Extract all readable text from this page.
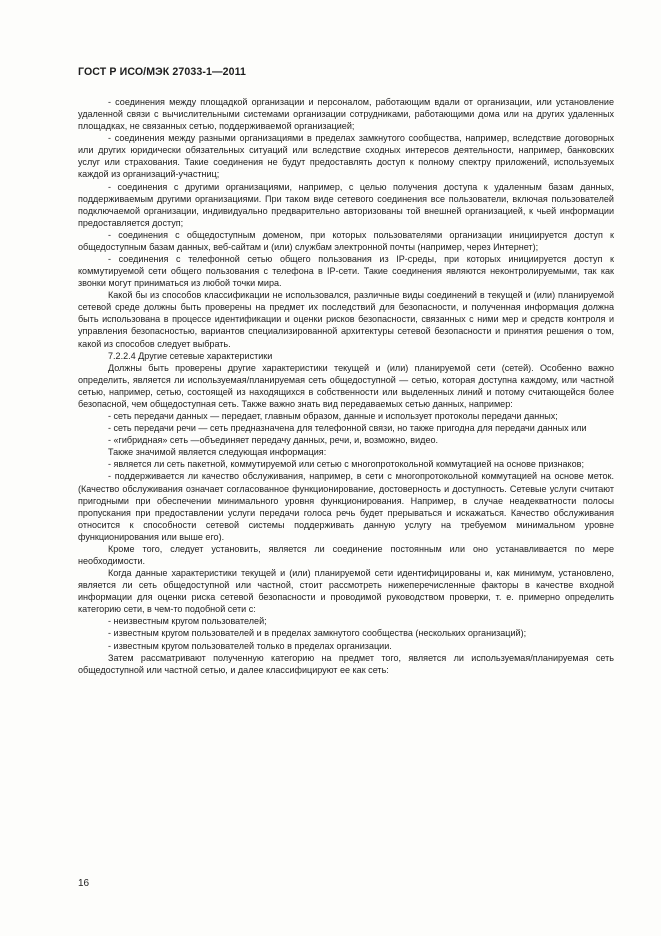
ГОСТ Р ИСО/МЭК 27033-1—2011

- соединения между площадкой организации и персоналом, работающим вдали от организации, или установление удаленной связи с вычислительными системами организации сотрудниками, работающими дома или на других удаленных площадках, не связанных сетью, поддерживаемой организацией;

- соединения между разными организациями в пределах замкнутого сообщества, например, вследствие договорных или других юридически обязательных ситуаций или вследствие сходных интересов деятельности, например, банковских услуг или страхования. Такие соединения не будут предоставлять доступ к полному спектру приложений, используемых каждой из организаций-участниц;

- соединения с другими организациями, например, с целью получения доступа к удаленным базам данных, поддерживаемым другими организациями. При таком виде сетевого соединения все пользователи, включая пользователей подключаемой организации, индивидуально предварительно авторизованы той внешней организацией, к чьей информации предоставляется доступ;

- соединения с общедоступным доменом, при которых пользователями организации инициируется доступ к общедоступным базам данных, веб-сайтам и (или) службам электронной почты (например, через Интернет);

- соединения с телефонной сетью общего пользования из IP-среды, при которых инициируется доступ к коммутируемой сети общего пользования с телефона в IP-сети. Такие соединения являются неконтролируемыми, так как звонки могут приниматься из любой точки мира.

Какой бы из способов классификации не использовался, различные виды соединений в текущей и (или) планируемой сетевой среде должны быть проверены на предмет их последствий для безопасности, и полученная информация должна быть использована в процессе идентификации и оценки рисков безопасности, связанных с ними мер и средств контроля и управления безопасностью, вариантов специализированной архитектуры сетевой безопасности и принятия решения о том, какой из способов следует выбрать.

7.2.2.4 Другие сетевые характеристики

Должны быть проверены другие характеристики текущей и (или) планируемой сети (сетей). Особенно важно определить, является ли используемая/планируемая сеть общедоступной — сетью, которая доступна каждому, или частной сетью, например, сетью, состоящей из находящихся в собственности или выделенных линий и потому считающейся более безопасной, чем общедоступная сеть. Также важно знать вид передаваемых сетью данных, например:

- сеть передачи данных — передает, главным образом, данные и использует протоколы передачи данных;

- сеть передачи речи — сеть предназначена для телефонной связи, но также пригодна для передачи данных или

- «гибридная» сеть —объединяет передачу данных, речи, и, возможно, видео.

Также значимой является следующая информация:

- является ли сеть пакетной, коммутируемой или сетью с многопротокольной коммутацией на основе признаков;

- поддерживается ли качество обслуживания, например, в сети с многопротокольной коммутацией на основе меток. (Качество обслуживания означает согласованное функционирование, достоверность и доступность. Сетевые услуги считают пригодными при обеспечении минимального уровня функционирования. Например, в случае неадекватности полосы пропускания при предоставлении услуги передачи голоса речь будет прерываться и искажаться. Качество обслуживания относится к способности сетевой системы поддерживать данную услугу на требуемом минимальном уровне функционирования или выше его).

Кроме того, следует установить, является ли соединение постоянным или оно устанавливается по мере необходимости.

Когда данные характеристики текущей и (или) планируемой сети идентифицированы и, как минимум, установлено, является ли сеть общедоступной или частной, стоит рассмотреть нижеперечисленные факторы в качестве входной информации для оценки риска сетевой безопасности и проводимой руководством проверки, т. е. примерно определить категорию сети, в чем-то подобной сети с:

- неизвестным кругом пользователей;

- известным кругом пользователей и в пределах замкнутого сообщества (нескольких организаций);

- известным кругом пользователей только в пределах организации.

Затем рассматривают полученную категорию на предмет того, является ли используемая/планируемая сеть общедоступной или частной сетью, и далее классифицируют ее как сеть:

16
